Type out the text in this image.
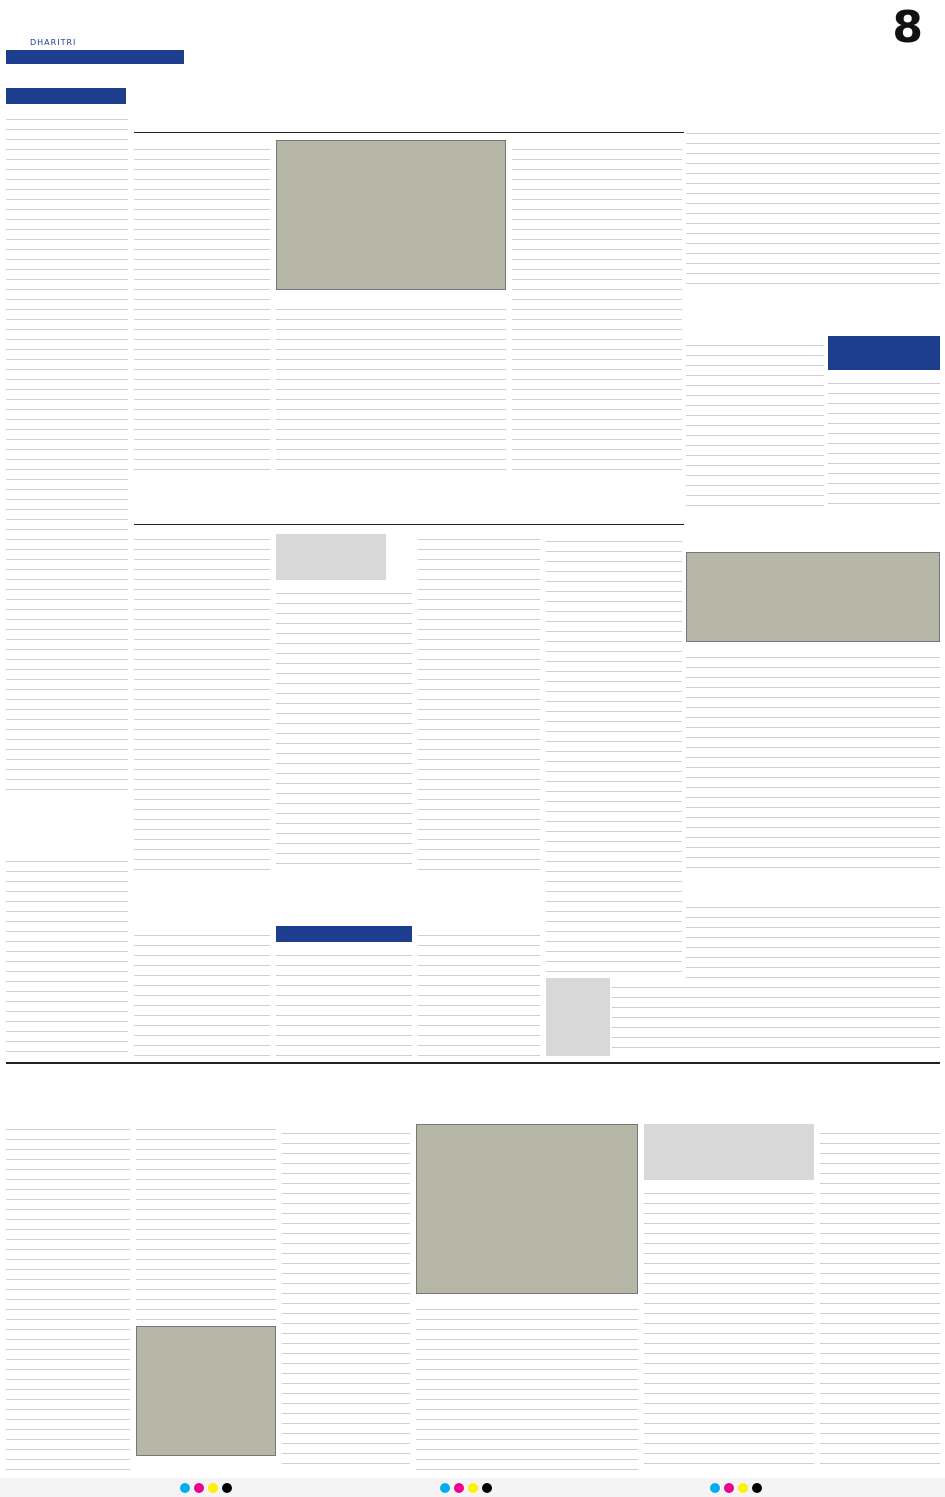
DHARITRI	8
